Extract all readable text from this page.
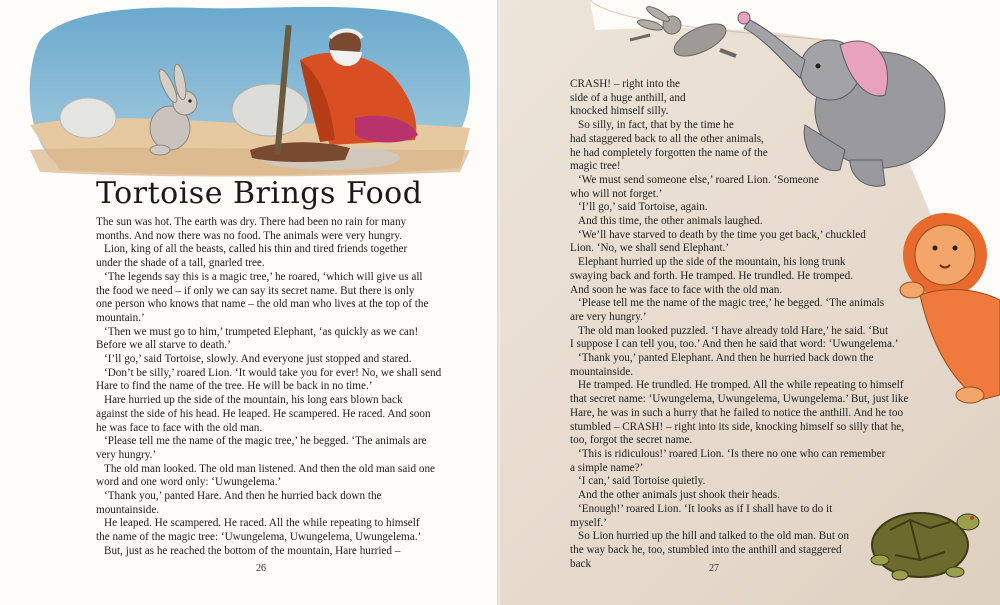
Tortoise Brings Food

The sun was hot. The earth was dry. There had been no rain for many
months. And now there was no food. The animals were very hungry.

Lion, king of all the beasts, called his thin and tired friends together
under the shade of a tall, gnarled tree.

‘The legends say this is a magic tree,’ he roared, ‘which will give us all
the food we need – if only we can say its secret name. But there is only
one person who knows that name – the old man who lives at the top of the
mountain.’

‘Then we must go to him,’ trumpeted Elephant, ‘as quickly as we can!
Before we all starve to death.’

‘I’ll go,’ said Tortoise, slowly. And everyone just stopped and stared.

‘Don’t be silly,’ roared Lion. ‘It would take you for ever! No, we shall send
Hare to find the name of the tree. He will be back in no time.’

Hare hurried up the side of the mountain, his long ears blown back
against the side of his head. He leaped. He scampered. He raced. And soon
he was face to face with the old man.

‘Please tell me the name of the magic tree,’ he begged. ‘The animals are
very hungry.’

The old man looked. The old man listened. And then the old man said one
word and one word only: ‘Uwungelema.’

‘Thank you,’ panted Hare. And then he hurried back down the
mountainside.

He leaped. He scampered. He raced. All the while repeating to himself
the name of the magic tree: ‘Uwungelema, Uwungelema, Uwungelema.’

But, just as he reached the bottom of the mountain, Hare hurried –

26

CRASH! – right into the
side of a huge anthill, and
knocked himself silly.

So silly, in fact, that by the time he
had staggered back to all the other animals,
he had completely forgotten the name of the
magic tree!

‘We must send someone else,’ roared Lion. ‘Someone
who will not forget.’

‘I’ll go,’ said Tortoise, again.

And this time, the other animals laughed.

‘We’ll have starved to death by the time you get back,’ chuckled
Lion. ‘No, we shall send Elephant.’

Elephant hurried up the side of the mountain, his long trunk
swaying back and forth. He tramped. He trundled. He tromped.
And soon he was face to face with the old man.

‘Please tell me the name of the magic tree,’ he begged. ‘The animals
are very hungry.’

The old man looked puzzled. ‘I have already told Hare,’ he said. ‘But
I suppose I can tell you, too.’ And then he said that word: ‘Uwungelema.’

‘Thank you,’ panted Elephant. And then he hurried back down the
mountainside.

He tramped. He trundled. He tromped. All the while repeating to himself
that secret name: ‘Uwungelema, Uwungelema, Uwungelema.’ But, just like
Hare, he was in such a hurry that he failed to notice the anthill. And he too
stumbled – CRASH! – right into its side, knocking himself so silly that he,
too, forgot the secret name.

‘This is ridiculous!’ roared Lion. ‘Is there no one who can remember
a simple name?’

‘I can,’ said Tortoise quietly.

And the other animals just shook their heads.

‘Enough!’ roared Lion. ‘It looks as if I shall have to do it
myself.’

So Lion hurried up the hill and talked to the old man. But on
the way back he, too, stumbled into the anthill and staggered
back	27
